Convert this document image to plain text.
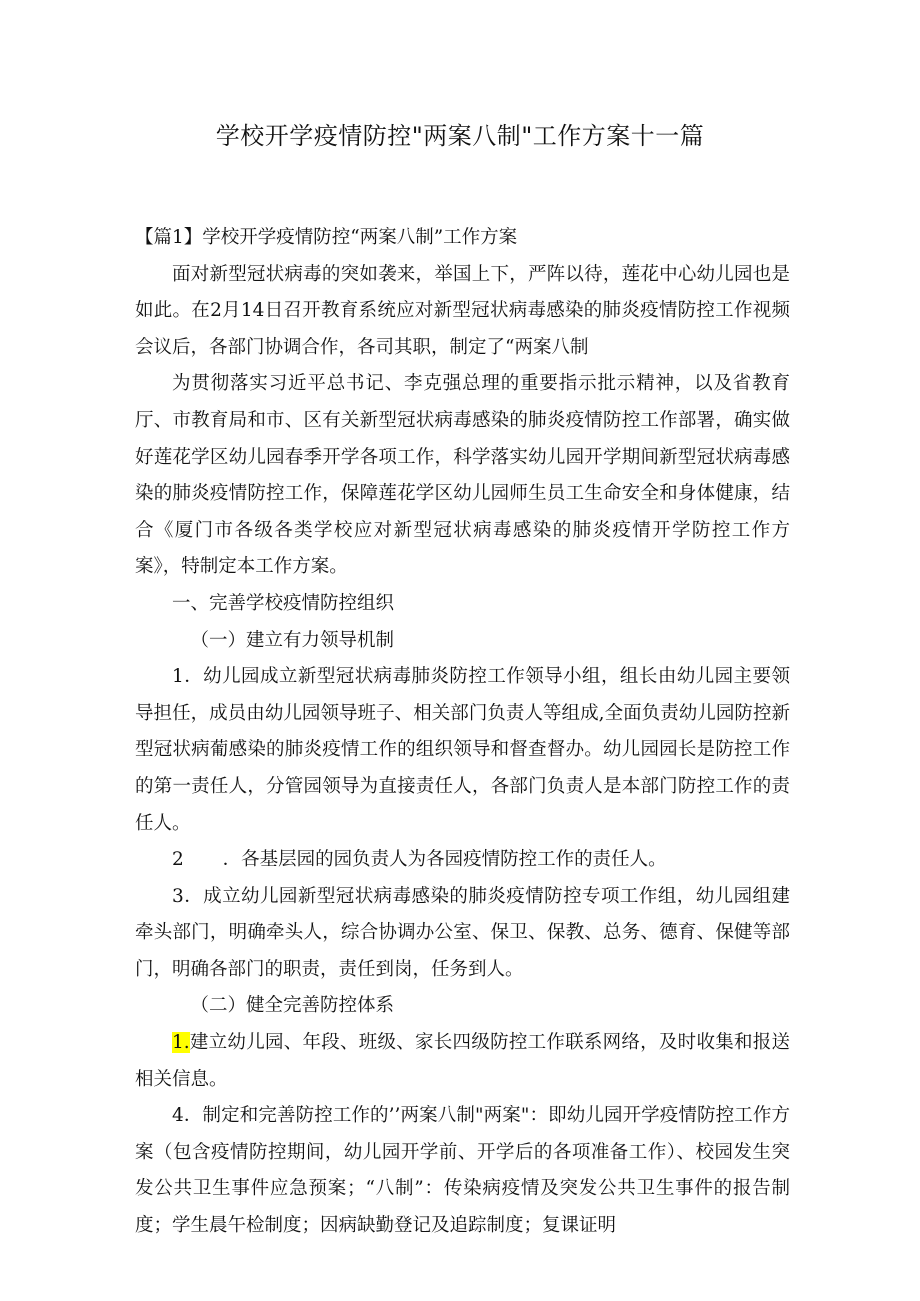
学校开学疫情防控"两案八制"工作方案十一篇

【篇1】学校开学疫情防控“两案八制”工作方案

面对新型冠状病毒的突如袭来，举国上下，严阵以待，莲花中心幼儿园也是如此。在2月14日召开教育系统应对新型冠状病毒感染的肺炎疫情防控工作视频会议后，各部门协调合作，各司其职，制定了“两案八制

为贯彻落实习近平总书记、李克强总理的重要指示批示精神，以及省教育厅、市教育局和市、区有关新型冠状病毒感染的肺炎疫情防控工作部署，确实做好莲花学区幼儿园春季开学各项工作，科学落实幼儿园开学期间新型冠状病毒感染的肺炎疫情防控工作，保障莲花学区幼儿园师生员工生命安全和身体健康，结合《厦门市各级各类学校应对新型冠状病毒感染的肺炎疫情开学防控工作方案》，特制定本工作方案。

一、完善学校疫情防控组织

（一）建立有力领导机制

1．幼儿园成立新型冠状病毒肺炎防控工作领导小组，组长由幼儿园主要领导担任，成员由幼儿园领导班子、相关部门负责人等组成,全面负责幼儿园防控新型冠状病葡感染的肺炎疫情工作的组织领导和督查督办。幼儿园园长是防控工作的第一责任人，分管园领导为直接责任人，各部门负责人是本部门防控工作的责任人。

2 ．各基层园的园负责人为各园疫情防控工作的责任人。

3．成立幼儿园新型冠状病毒感染的肺炎疫情防控专项工作组，幼儿园组建牵头部门，明确牵头人，综合协调办公室、保卫、保教、总务、德育、保健等部门，明确各部门的职责，责任到岗，任务到人。

（二）健全完善防控体系

1.建立幼儿园、年段、班级、家长四级防控工作联系网络，及时收集和报送相关信息。

4．制定和完善防控工作的’’两案八制"两案"：即幼儿园开学疫情防控工作方案（包含疫情防控期间，幼儿园开学前、开学后的各项准备工作）、校园发生突发公共卫生事件应急预案；“八制”：传染病疫情及突发公共卫生事件的报告制度；学生晨午检制度；因病缺勤登记及追踪制度；复课证明
